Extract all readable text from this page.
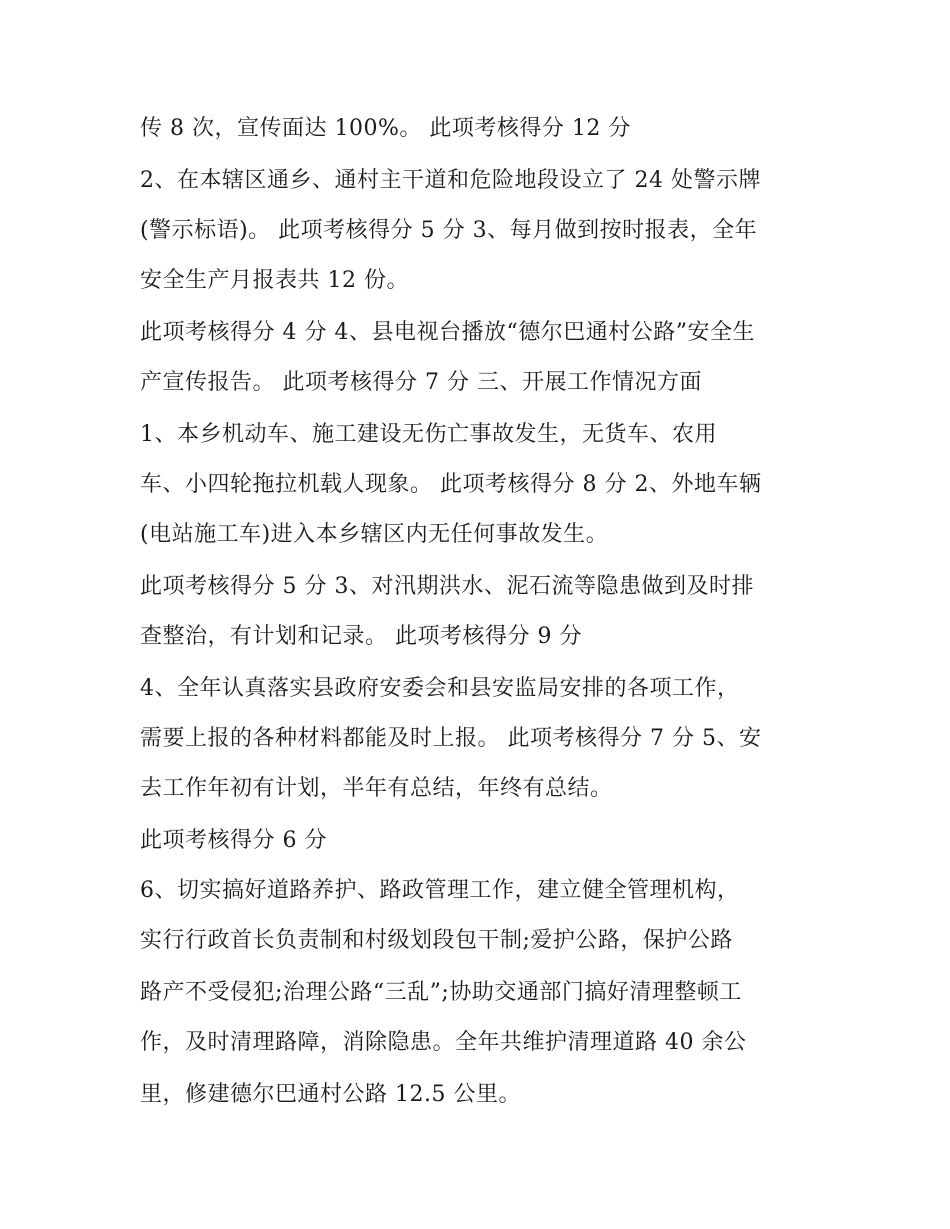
传 8 次，宣传面达 100%。 此项考核得分 12 分
2、在本辖区通乡、通村主干道和危险地段设立了 24 处警示牌
(警示标语)。 此项考核得分 5 分 3、每月做到按时报表，全年
安全生产月报表共 12 份。
此项考核得分 4 分 4、县电视台播放“德尔巴通村公路”安全生
产宣传报告。 此项考核得分 7 分 三、开展工作情况方面
1、本乡机动车、施工建设无伤亡事故发生，无货车、农用
车、小四轮拖拉机载人现象。 此项考核得分 8 分 2、外地车辆
(电站施工车)进入本乡辖区内无任何事故发生。
此项考核得分 5 分 3、对汛期洪水、泥石流等隐患做到及时排
查整治，有计划和记录。 此项考核得分 9 分
4、全年认真落实县政府安委会和县安监局安排的各项工作，
需要上报的各种材料都能及时上报。 此项考核得分 7 分 5、安
去工作年初有计划，半年有总结，年终有总结。
此项考核得分 6 分
6、切实搞好道路养护、路政管理工作，建立健全管理机构，
实行行政首长负责制和村级划段包干制;爱护公路，保护公路
路产不受侵犯;治理公路“三乱”;协助交通部门搞好清理整顿工
作，及时清理路障，消除隐患。全年共维护清理道路 40 余公
里，修建德尔巴通村公路 12.5 公里。
